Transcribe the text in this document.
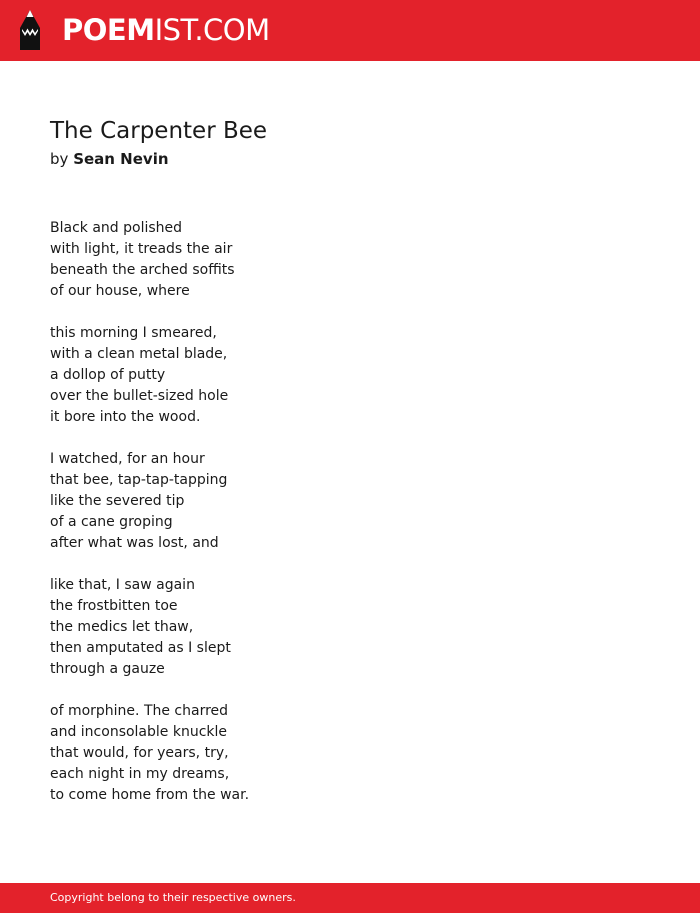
POEMIST.COM
The Carpenter Bee
by Sean Nevin
Black and polished
with light, it treads the air
beneath the arched soffits
of our house, where
this morning I smeared,
with a clean metal blade,
a dollop of putty
over the bullet-sized hole
it bore into the wood.
I watched, for an hour
that bee, tap-tap-tapping
like the severed tip
of a cane groping
after what was lost, and
like that, I saw again
the frostbitten toe
the medics let thaw,
then amputated as I slept
through a gauze
of morphine. The charred
and inconsolable knuckle
that would, for years, try,
each night in my dreams,
to come home from the war.
Copyright belong to their respective owners.
